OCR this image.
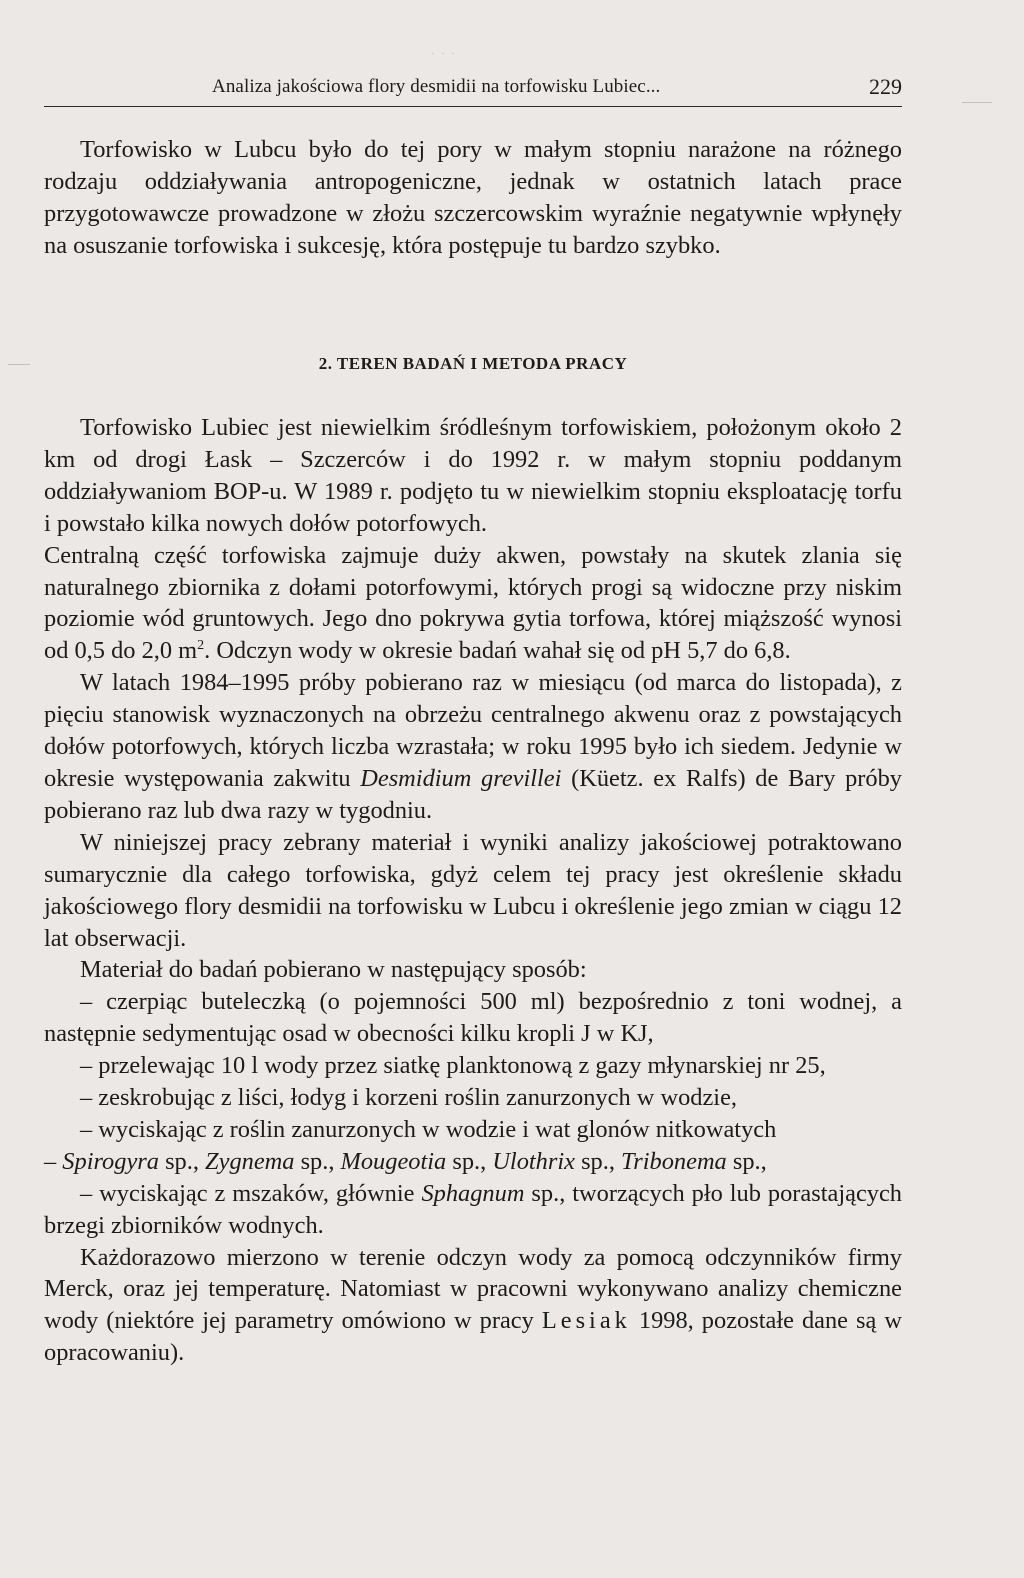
· · ·
Analiza jakościowa flory desmidii na torfowisku Lubiec...	229

Torfowisko w Lubcu było do tej pory w małym stopniu narażone na różnego rodzaju oddziaływania antropogeniczne, jednak w ostatnich latach prace przygotowawcze prowadzone w złożu szczercowskim wyraźnie negatywnie wpłynęły na osuszanie torfowiska i sukcesję, która postępuje tu bardzo szybko.

2. TEREN BADAŃ I METODA PRACY

Torfowisko Lubiec jest niewielkim śródleśnym torfowiskiem, położonym około 2 km od drogi Łask – Szczerców i do 1992 r. w małym stopniu poddanym oddziaływaniom BOP-u. W 1989 r. podjęto tu w niewielkim stopniu eksploatację torfu i powstało kilka nowych dołów potorfowych.

Centralną część torfowiska zajmuje duży akwen, powstały na skutek zlania się naturalnego zbiornika z dołami potorfowymi, których progi są widoczne przy niskim poziomie wód gruntowych. Jego dno pokrywa gytia torfowa, której miąższość wynosi od 0,5 do 2,0 $m^2$. Odczyn wody w okresie badań wahał się od pH 5,7 do 6,8.

W latach 1984–1995 próby pobierano raz w miesiącu (od marca do listopada), z pięciu stanowisk wyznaczonych na obrzeżu centralnego akwenu oraz z powstających dołów potorfowych, których liczba wzrastała; w roku 1995 było ich siedem. Jedynie w okresie występowania zakwitu Desmidium grevillei (Küetz. ex Ralfs) de Bary próby pobierano raz lub dwa razy w tygodniu.

W niniejszej pracy zebrany materiał i wyniki analizy jakościowej potraktowano sumarycznie dla całego torfowiska, gdyż celem tej pracy jest określenie składu jakościowego flory desmidii na torfowisku w Lubcu i określenie jego zmian w ciągu 12 lat obserwacji.

Materiał do badań pobierano w następujący sposób:

– czerpiąc buteleczką (o pojemności 500 ml) bezpośrednio z toni wodnej, a następnie sedymentując osad w obecności kilku kropli J w KJ,

– przelewając 10 l wody przez siatkę planktonową z gazy młynarskiej nr 25,

– zeskrobując z liści, łodyg i korzeni roślin zanurzonych w wodzie,

– wyciskając z roślin zanurzonych w wodzie i wat glonów nitkowatych
– Spirogyra sp., Zygnema sp., Mougeotia sp., Ulothrix sp., Tribonema sp.,

– wyciskając z mszaków, głównie Sphagnum sp., tworzących pło lub porastających brzegi zbiorników wodnych.

Każdorazowo mierzono w terenie odczyn wody za pomocą odczynników firmy Merck, oraz jej temperaturę. Natomiast w pracowni wykonywano analizy chemiczne wody (niektóre jej parametry omówiono w pracy Lesiak 1998, pozostałe dane są w opracowaniu).
